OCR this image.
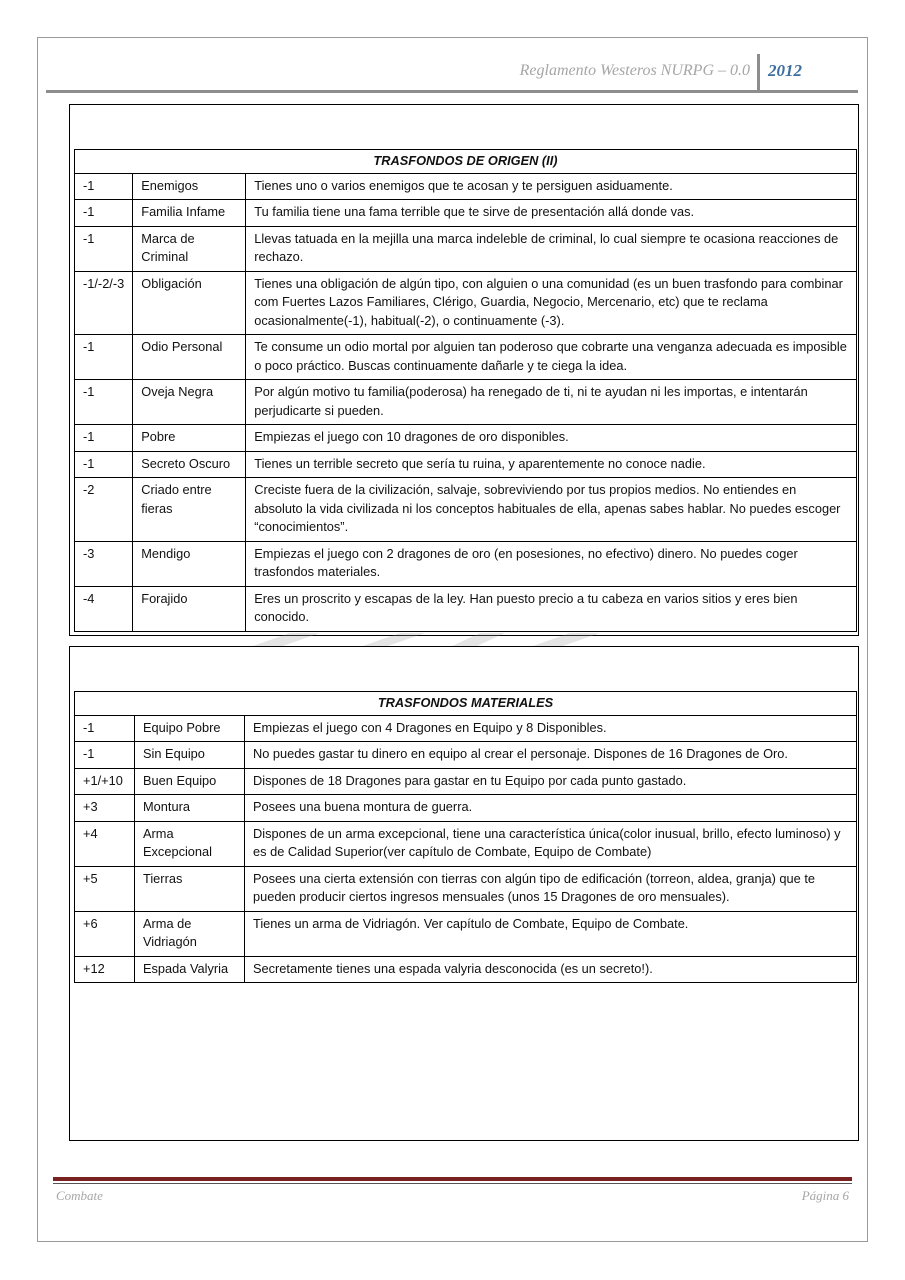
Reglamento Westeros NURPG – 0.0 2012
TRASFONDOS DE ORIGEN (II)		
-1	Enemigos	Tienes uno o varios enemigos que te acosan y te persiguen asiduamente.
-1	Familia Infame	Tu familia tiene una fama terrible que te sirve de presentación allá donde vas.
-1	Marca de Criminal	Llevas tatuada en la mejilla una marca indeleble de criminal, lo cual siempre te ocasiona reacciones de rechazo.
-1/-2/-3	Obligación	Tienes una obligación de algún tipo, con alguien o una comunidad (es un buen trasfondo para combinar com Fuertes Lazos Familiares, Clérigo, Guardia, Negocio, Mercenario, etc) que te reclama ocasionalmente(-1), habitual(-2), o continuamente (-3).
-1	Odio Personal	Te consume un odio mortal por alguien tan poderoso que cobrarte una venganza adecuada es imposible o poco práctico. Buscas continuamente dañarle y te ciega la idea.
-1	Oveja Negra	Por algún motivo tu familia(poderosa) ha renegado de ti, ni te ayudan ni les importas, e intentarán perjudicarte si pueden.
-1	Pobre	Empiezas el juego con 10 dragones de oro disponibles.
-1	Secreto Oscuro	Tienes un terrible secreto que sería tu ruina, y aparentemente no conoce nadie.
-2	Criado entre fieras	Creciste fuera de la civilización, salvaje, sobreviviendo por tus propios medios. No entiendes en absoluto la vida civilizada ni los conceptos habituales de ella, apenas sabes hablar. No puedes escoger “conocimientos”.
-3	Mendigo	Empiezas el juego con 2 dragones de oro (en posesiones, no efectivo) dinero. No puedes coger trasfondos materiales.
-4	Forajido	Eres un proscrito y escapas de la ley. Han puesto precio a tu cabeza en varios sitios y eres bien conocido.
TRASFONDOS MATERIALES		
-1	Equipo Pobre	Empiezas el juego con 4 Dragones en Equipo y 8 Disponibles.
-1	Sin Equipo	No puedes gastar tu dinero en equipo al crear el personaje. Dispones de 16 Dragones de Oro.
+1/+10	Buen Equipo	Dispones de 18 Dragones para gastar en tu Equipo por cada punto gastado.
+3	Montura	Posees una buena montura de guerra.
+4	Arma Excepcional	Dispones de un arma excepcional, tiene una característica única(color inusual, brillo, efecto luminoso) y es de Calidad Superior(ver capítulo de Combate, Equipo de Combate)
+5	Tierras	Posees una cierta extensión con tierras con algún tipo de edificación (torreon, aldea, granja) que te pueden producir ciertos ingresos mensuales (unos 15 Dragones de oro mensuales).
+6	Arma de Vidriagón	Tienes un arma de Vidriagón. Ver capítulo de Combate, Equipo de Combate.
+12	Espada Valyria	Secretamente tienes una espada valyria desconocida (es un secreto!).
Combate	Página 6
